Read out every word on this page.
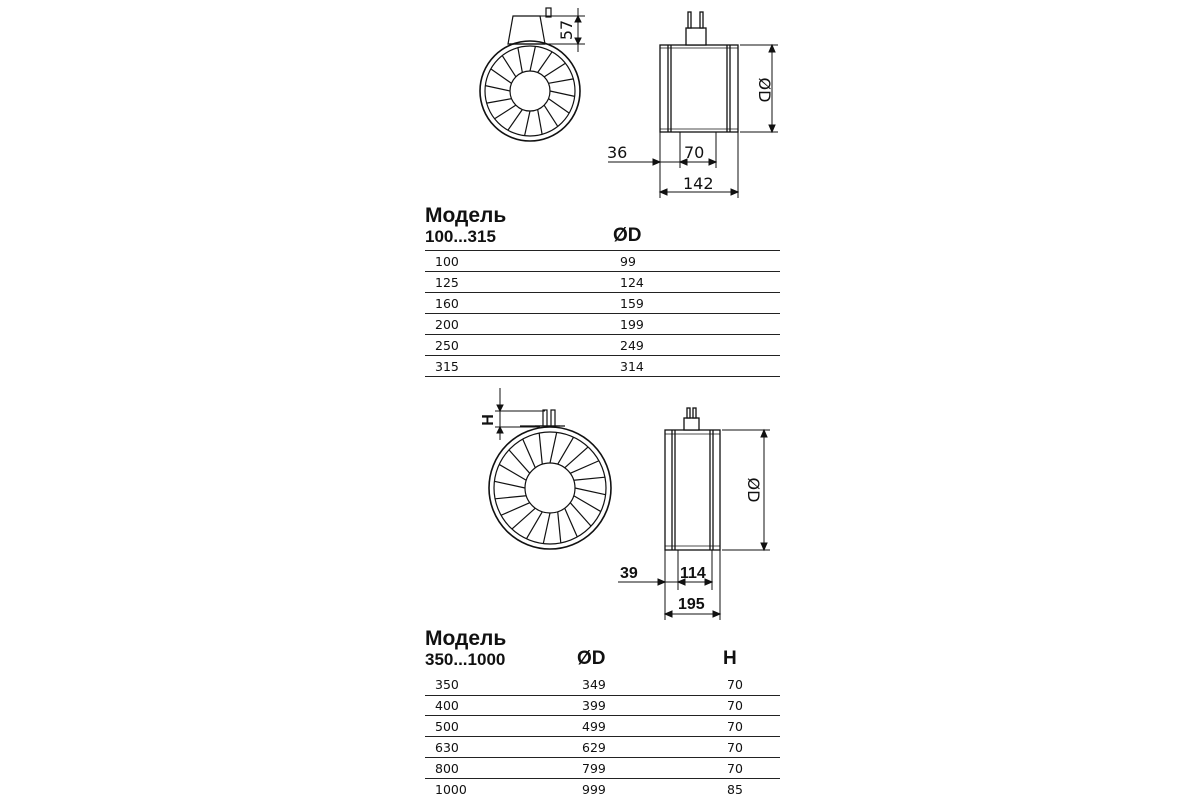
57
ØD
36	70
142
H
ØD
39	114
195
Модель
100...315	ØD
100	99
125	124
160	159
200	199
250	249
315	314
Модель
350...1000	ØD	H
350	349	70
400	399	70
500	499	70
630	629	70
800	799	70
1000	999	85
